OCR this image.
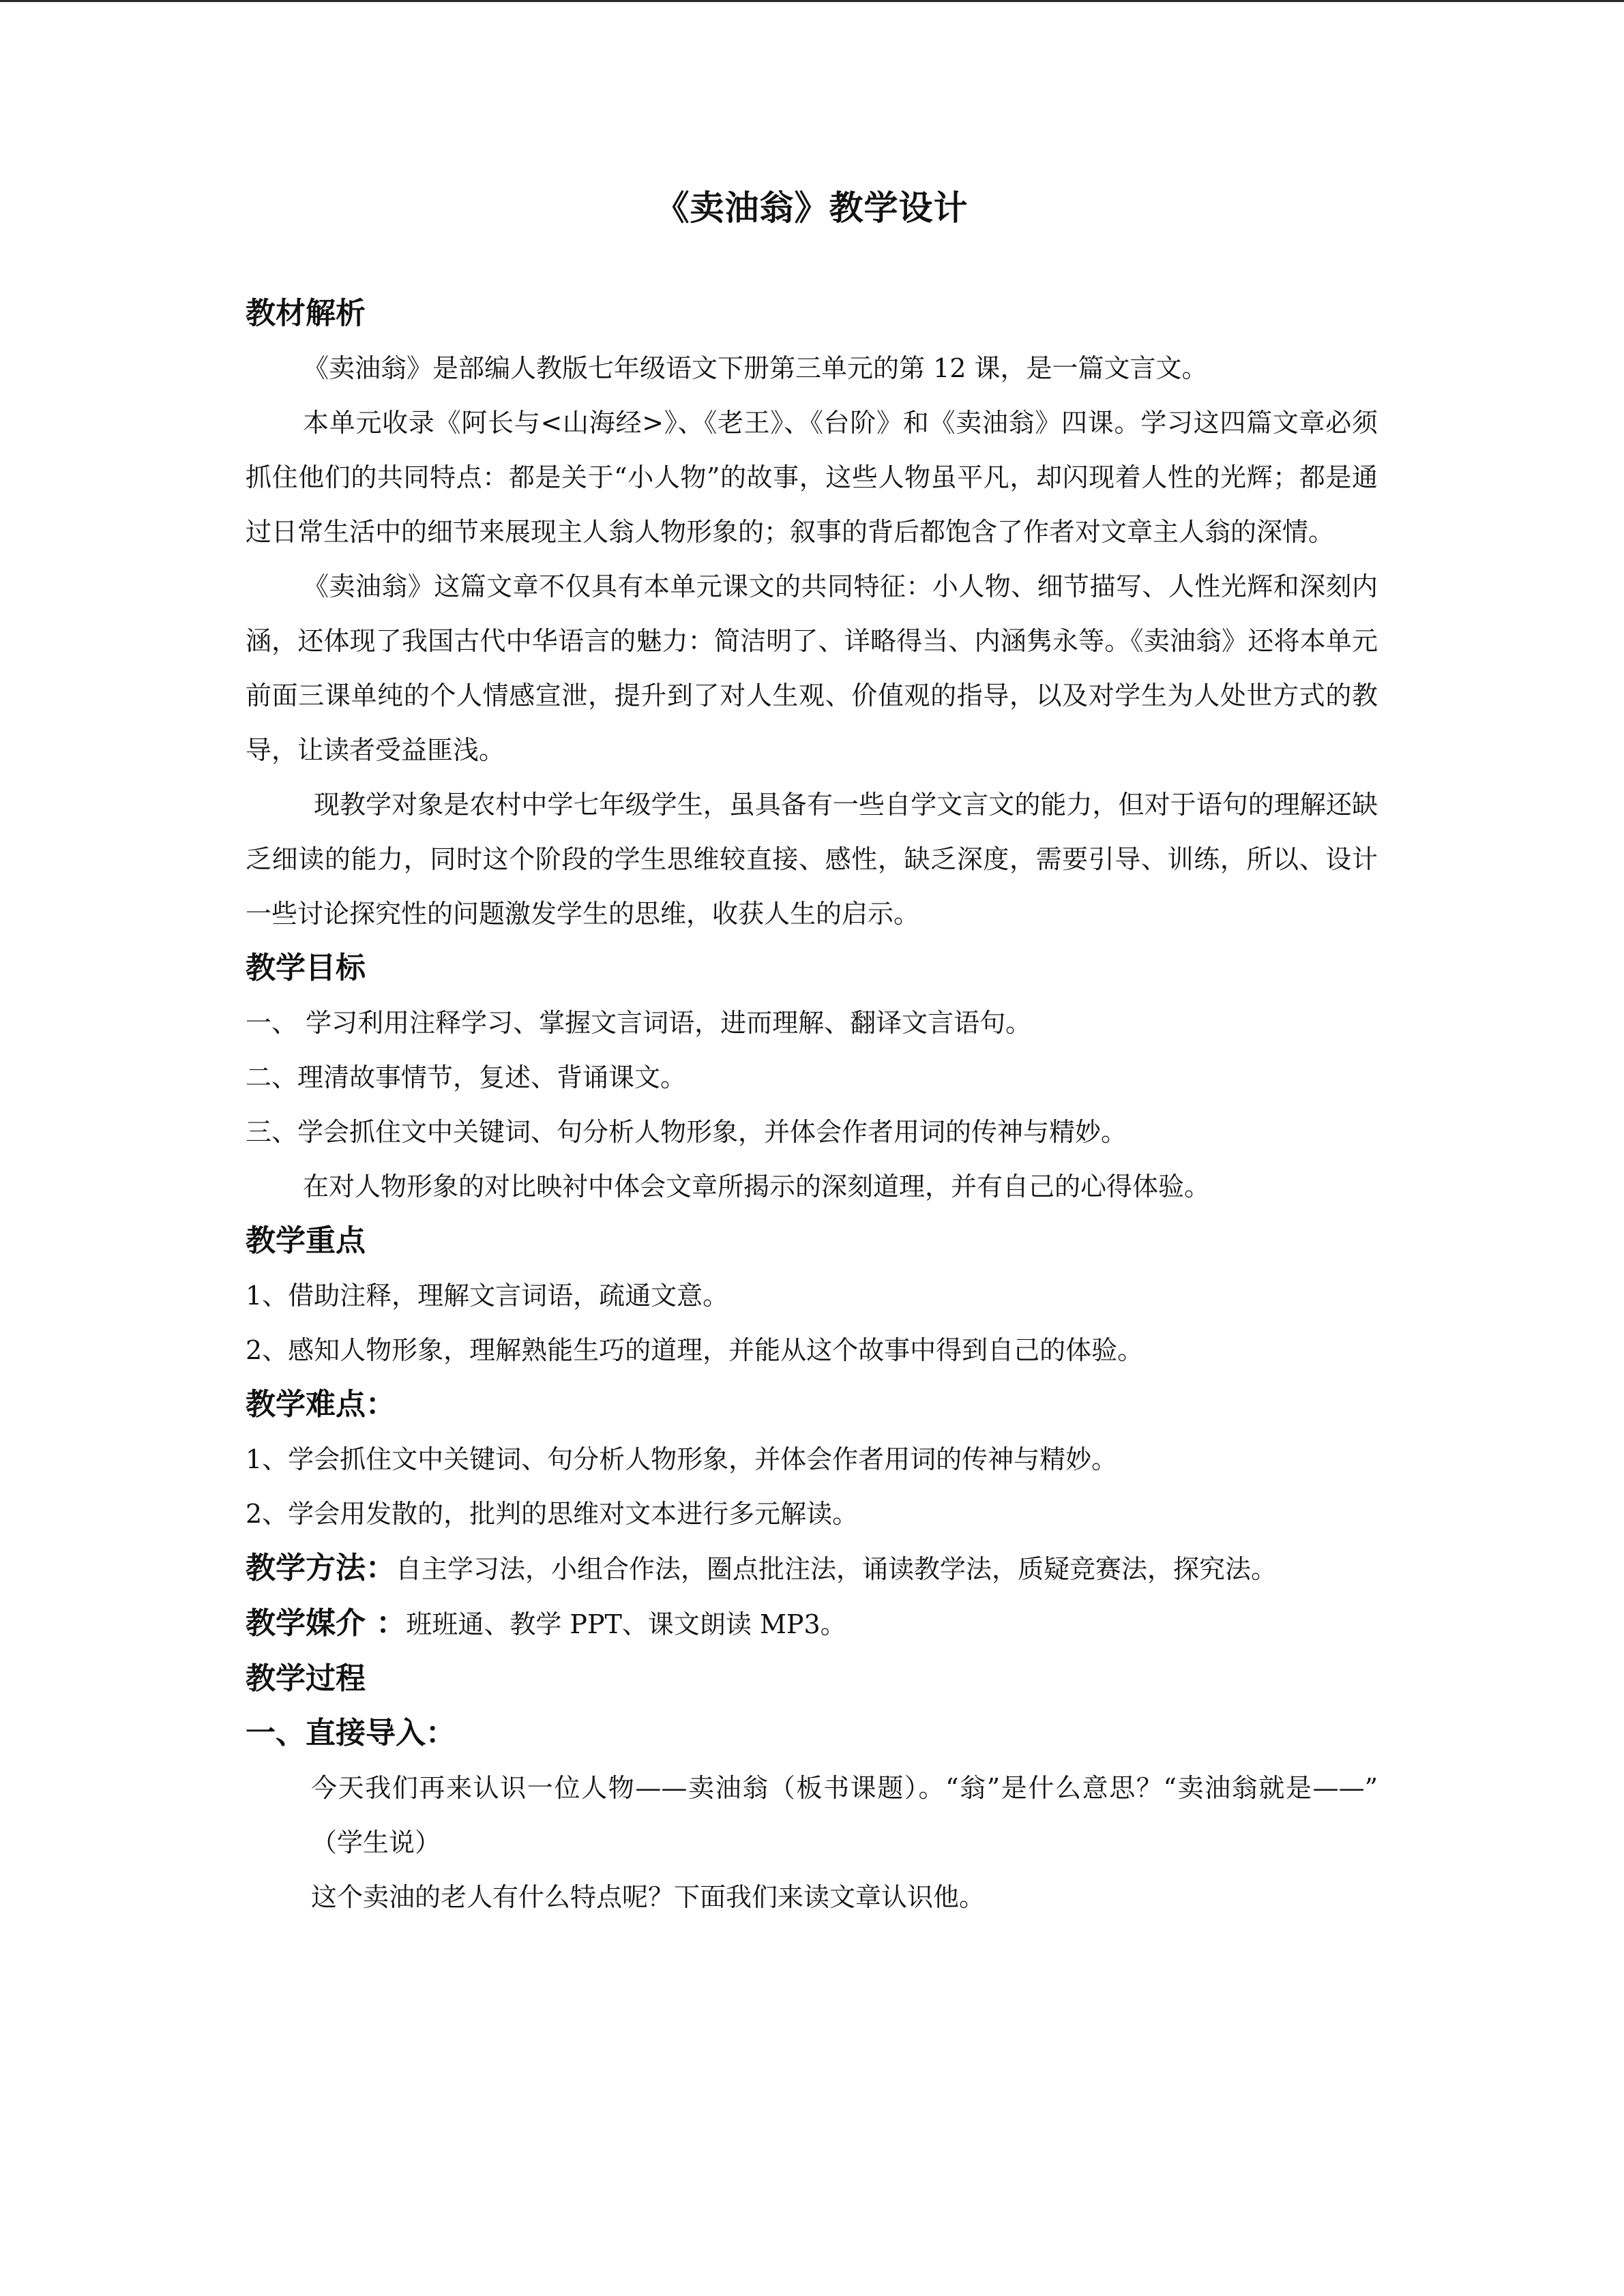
《卖油翁》教学设计

教材解析

《卖油翁》是部编人教版七年级语文下册第三单元的第 12 课，是一篇文言文。

本单元收录《阿长与<山海经>》、《老王》、《台阶》和《卖油翁》四课。学习这四篇文章必须抓住他们的共同特点：都是关于“小人物”的故事，这些人物虽平凡，却闪现着人性的光辉；都是通过日常生活中的细节来展现主人翁人物形象的；叙事的背后都饱含了作者对文章主人翁的深情。

《卖油翁》这篇文章不仅具有本单元课文的共同特征：小人物、细节描写、人性光辉和深刻内涵，还体现了我国古代中华语言的魅力：简洁明了、详略得当、内涵隽永等。《卖油翁》还将本单元前面三课单纯的个人情感宣泄，提升到了对人生观、价值观的指导，以及对学生为人处世方式的教导，让读者受益匪浅。

现教学对象是农村中学七年级学生，虽具备有一些自学文言文的能力，但对于语句的理解还缺乏细读的能力，同时这个阶段的学生思维较直接、感性，缺乏深度，需要引导、训练，所以、设计一些讨论探究性的问题激发学生的思维，收获人生的启示。

教学目标

一、 学习利用注释学习、掌握文言词语，进而理解、翻译文言语句。

二、理清故事情节，复述、背诵课文。

三、学会抓住文中关键词、句分析人物形象，并体会作者用词的传神与精妙。

在对人物形象的对比映衬中体会文章所揭示的深刻道理，并有自己的心得体验。

教学重点

1、借助注释，理解文言词语，疏通文意。

2、感知人物形象，理解熟能生巧的道理，并能从这个故事中得到自己的体验。

教学难点：

1、学会抓住文中关键词、句分析人物形象，并体会作者用词的传神与精妙。

2、学会用发散的，批判的思维对文本进行多元解读。

教学方法：自主学习法，小组合作法，圈点批注法，诵读教学法，质疑竞赛法，探究法。

教学媒介 ：班班通、教学 PPT、课文朗读 MP3。

教学过程

一、直接导入：

今天我们再来认识一位人物——卖油翁（板书课题）。“翁”是什么意思？“卖油翁就是——” （学生说）

这个卖油的老人有什么特点呢？下面我们来读文章认识他。
